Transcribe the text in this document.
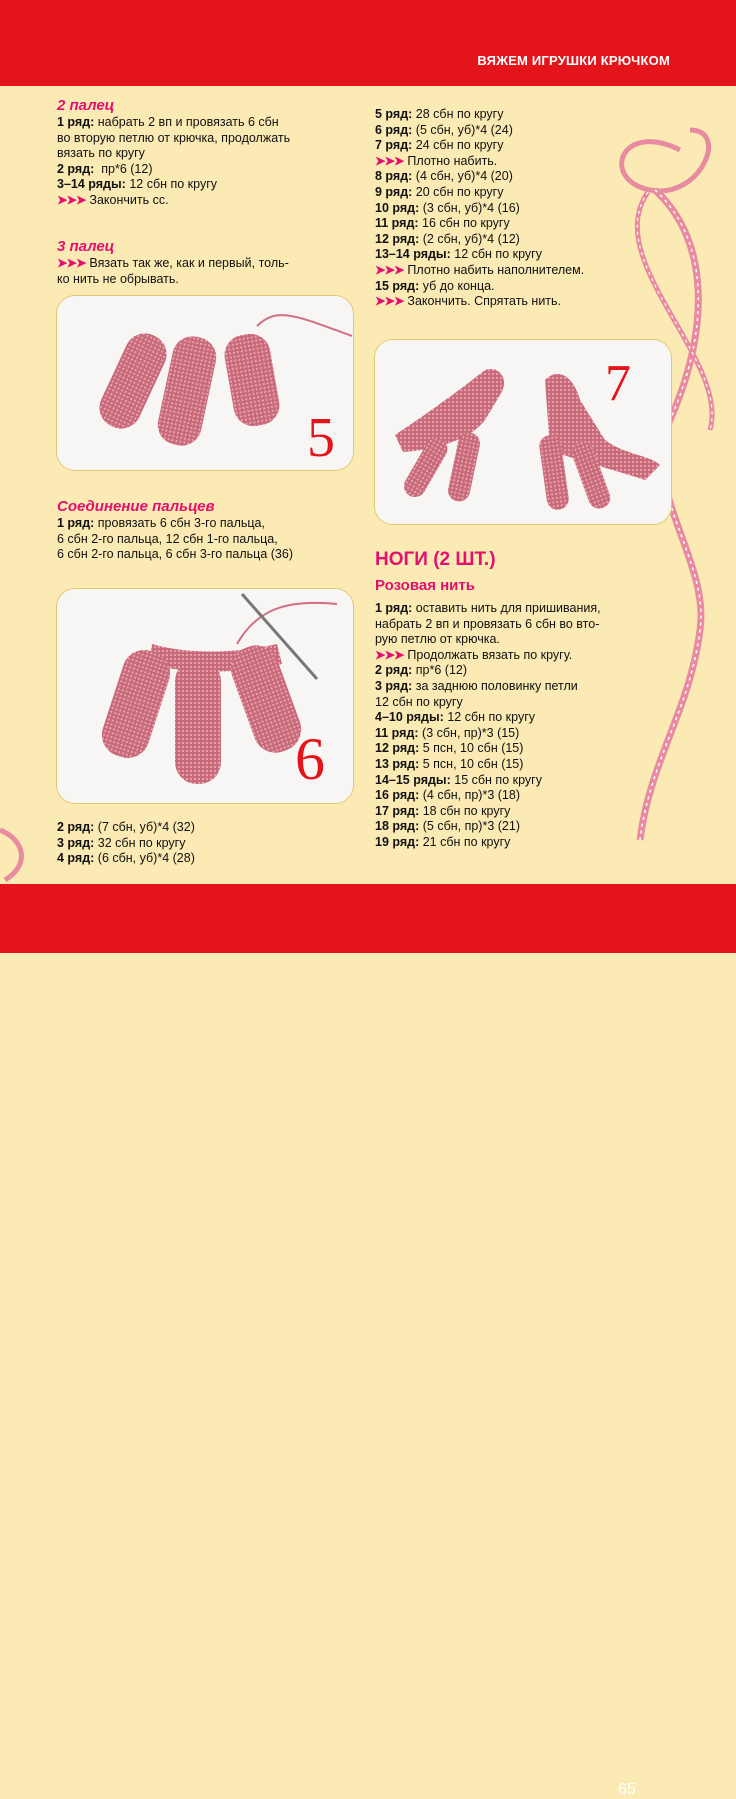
ВЯЖЕМ ИГРУШКИ КРЮЧКОМ
65

2 палец

1 ряд: набрать 2 вп и провязать 6 сбн

во вторую петлю от крючка, продолжать

вязать по кругу

2 ряд: пр*6 (12)

3–14 ряды: 12 сбн по кругу

➤➤➤ Закончить сс.

3 палец

➤➤➤ Вязать так же, как и первый, толь-

ко нить не обрывать.

5

Соединение пальцев

1 ряд: провязать 6 сбн 3-го пальца,

6 сбн 2-го пальца, 12 сбн 1-го пальца,

6 сбн 2-го пальца, 6 сбн 3-го пальца (36)

6

2 ряд: (7 сбн, уб)*4 (32)

3 ряд: 32 сбн по кругу

4 ряд: (6 сбн, уб)*4 (28)

5 ряд: 28 сбн по кругу

6 ряд: (5 сбн, уб)*4 (24)

7 ряд: 24 сбн по кругу

➤➤➤ Плотно набить.

8 ряд: (4 сбн, уб)*4 (20)

9 ряд: 20 сбн по кругу

10 ряд: (3 сбн, уб)*4 (16)

11 ряд: 16 сбн по кругу

12 ряд: (2 сбн, уб)*4 (12)

13–14 ряды: 12 сбн по кругу

➤➤➤ Плотно набить наполнителем.

15 ряд: уб до конца.

➤➤➤ Закончить. Спрятать нить.

7
НОГИ (2 ШТ.)
Розовая нить

1 ряд: оставить нить для пришивания,

набрать 2 вп и провязать 6 сбн во вто-

рую петлю от крючка.

➤➤➤ Продолжать вязать по кругу.

2 ряд: пр*6 (12)

3 ряд: за заднюю половинку петли

12 сбн по кругу

4–10 ряды: 12 сбн по кругу

11 ряд: (3 сбн, пр)*3 (15)

12 ряд: 5 псн, 10 сбн (15)

13 ряд: 5 псн, 10 сбн (15)

14–15 ряды: 15 сбн по кругу

16 ряд: (4 сбн, пр)*3 (18)

17 ряд: 18 сбн по кругу

18 ряд: (5 сбн, пр)*3 (21)

19 ряд: 21 сбн по кругу
